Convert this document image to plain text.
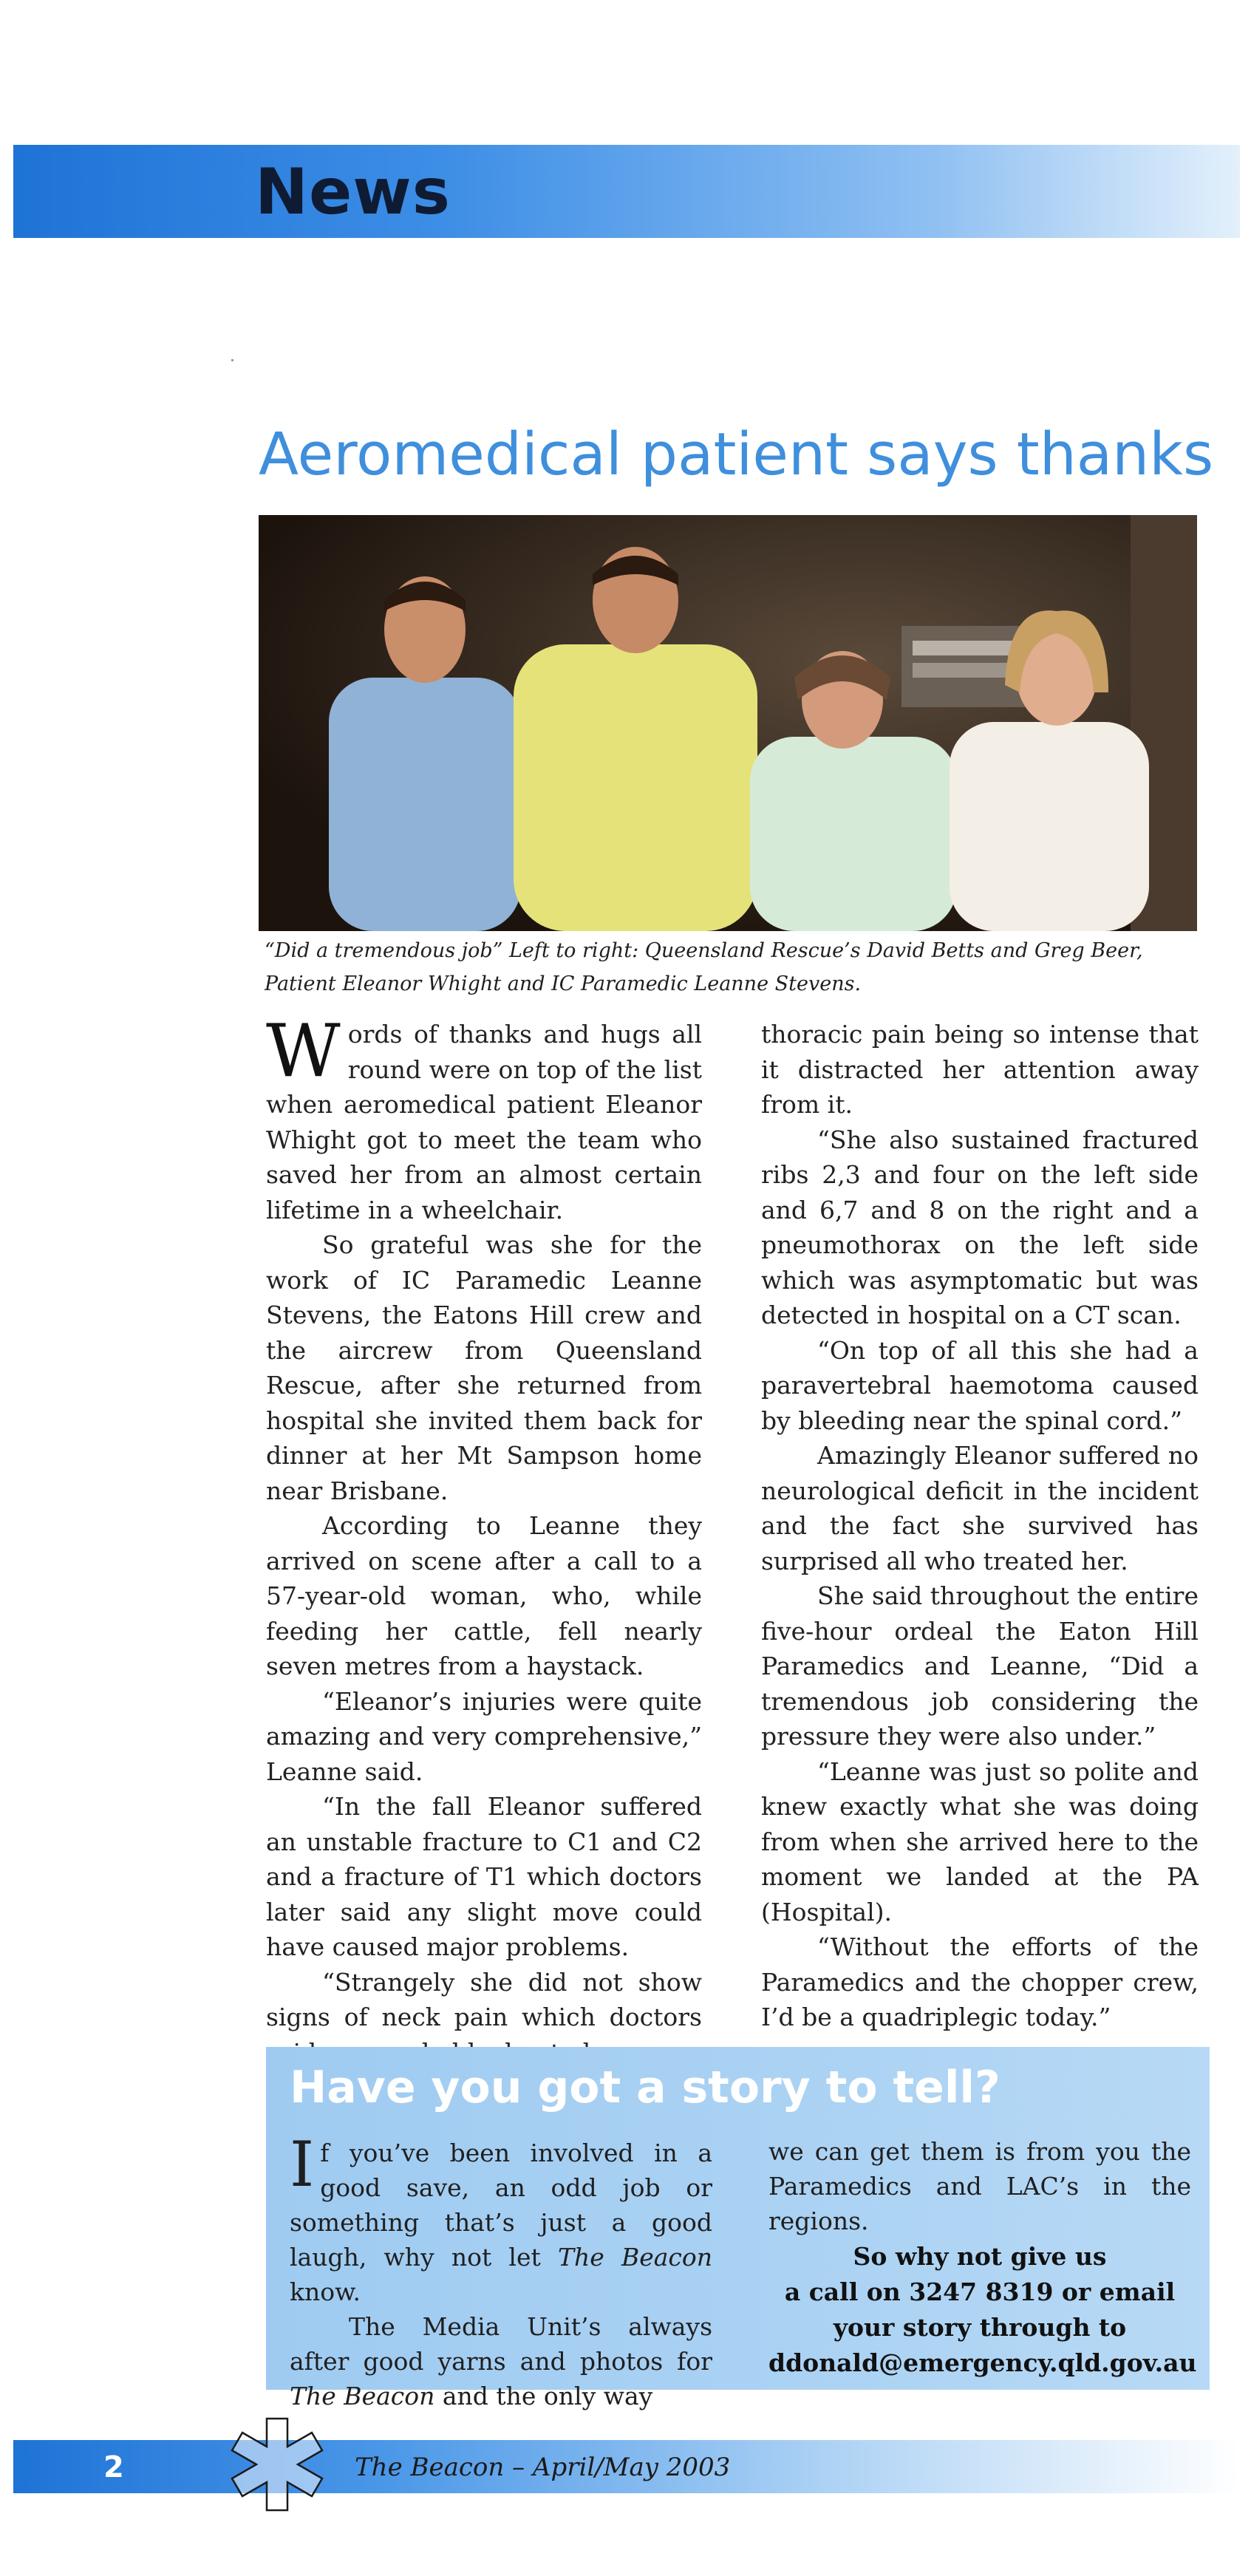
News
Aeromedical patient says thanks
“Did a tremendous job” Left to right: Queensland Rescue’s David Betts and Greg Beer,
Patient Eleanor Whight and IC Paramedic Leanne Stevens.

Words of thanks and hugs all round were on top of the list when aeromedical patient Eleanor Whight got to meet the team who saved her from an almost certain lifetime in a wheelchair.

So grateful was she for the work of IC Paramedic Leanne Stevens, the Eatons Hill crew and the aircrew from Queensland Rescue, after she returned from hospital she invited them back for dinner at her Mt Sampson home near Brisbane.

According to Leanne they arrived on scene after a call to a 57-year-old woman, who, while feeding her cattle, fell nearly seven metres from a haystack.

“Eleanor’s injuries were quite amazing and very comprehensive,” Leanne said.

“In the fall Eleanor suffered an unstable fracture to C1 and C2 and a fracture of T1 which doctors later said any slight move could have caused major problems.

“Strangely she did not show signs of neck pain which doctors

thoracic pain being so intense that it distracted her attention away from it.

“She also sustained fractured ribs 2,3 and four on the left side and 6,7 and 8 on the right and a pneumothorax on the left side which was asymptomatic but was detected in hospital on a CT scan.

“On top of all this she had a paravertebral haemotoma caused by bleeding near the spinal cord.”

Amazingly Eleanor suffered no neurological deficit in the incident and the fact she survived has surprised all who treated her.

She said throughout the entire five-hour ordeal the Eaton Hill Paramedics and Leanne, “Did a tremendous job considering the pressure they were also under.”

“Leanne was just so polite and knew exactly what she was doing from when she arrived here to the moment we landed at the PA (Hospital).

“Without the efforts of the Paramedics and the chopper crew, I’d be a quadriplegic today.”

Have you got a story to tell?

If you’ve been involved in a good save, an odd job or something that’s just a good laugh, why not let The Beacon know.

The Media Unit’s always after good yarns and photos for The Beacon and the only way

we can get them is from you the Paramedics and LAC’s in the regions.

So why not give us
a call on 3247 8319 or email
your story through to
ddonald@emergency.qld.gov.au
2	The Beacon – April/May 2003
